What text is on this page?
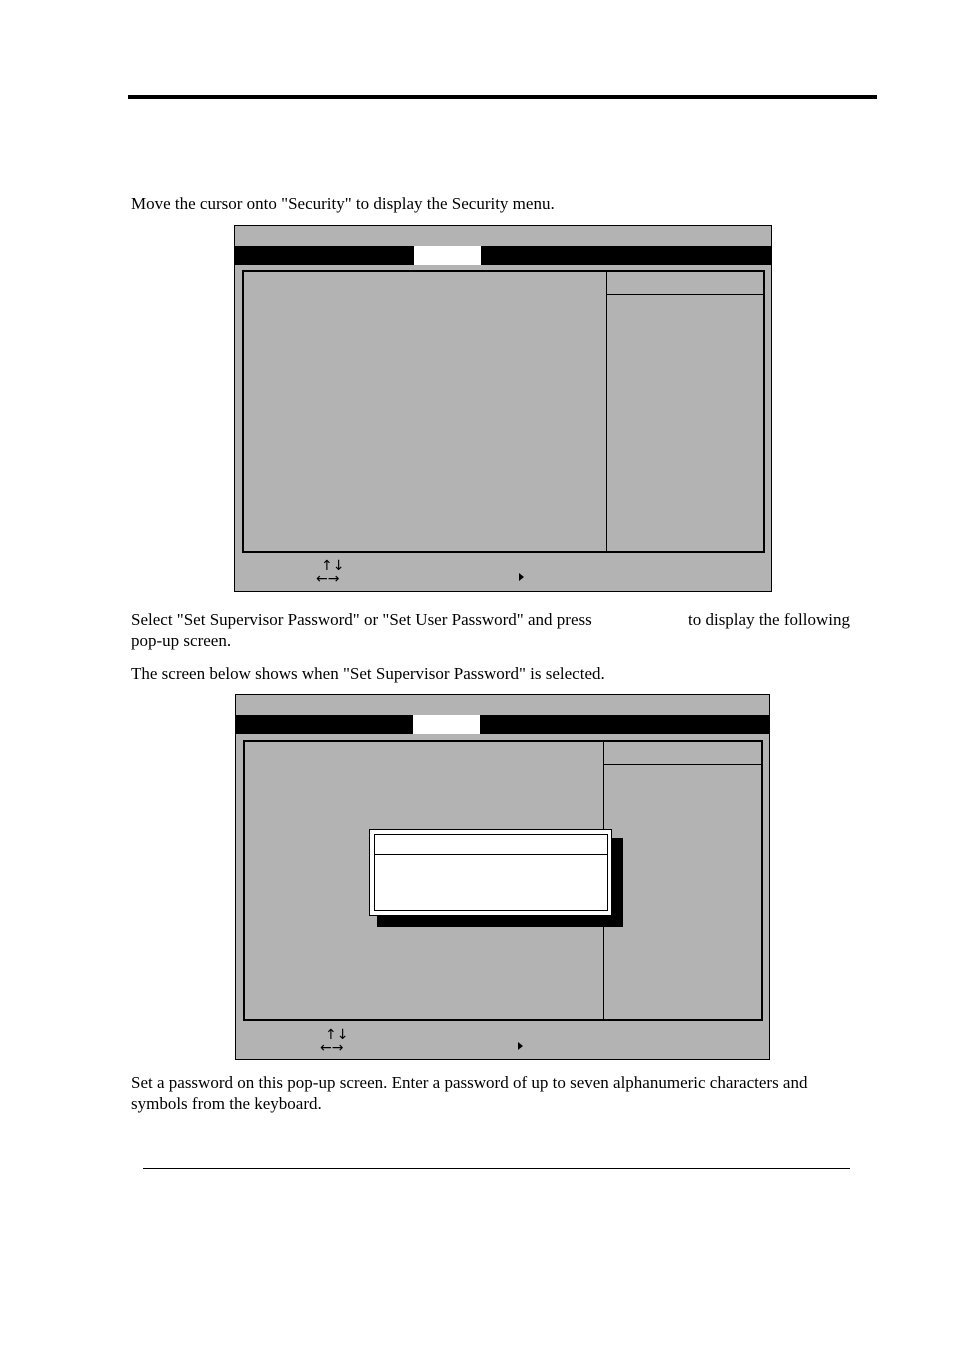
Move the cursor onto "Security" to display the Security menu.
↑↓
←→
Select "Set Supervisor Password" or "Set User Password" and press	to display the following
pop-up screen.
The screen below shows when "Set Supervisor Password" is selected.
↑↓
←→
Set a password on this pop-up screen. Enter a password of up to seven alphanumeric characters and
symbols from the keyboard.
